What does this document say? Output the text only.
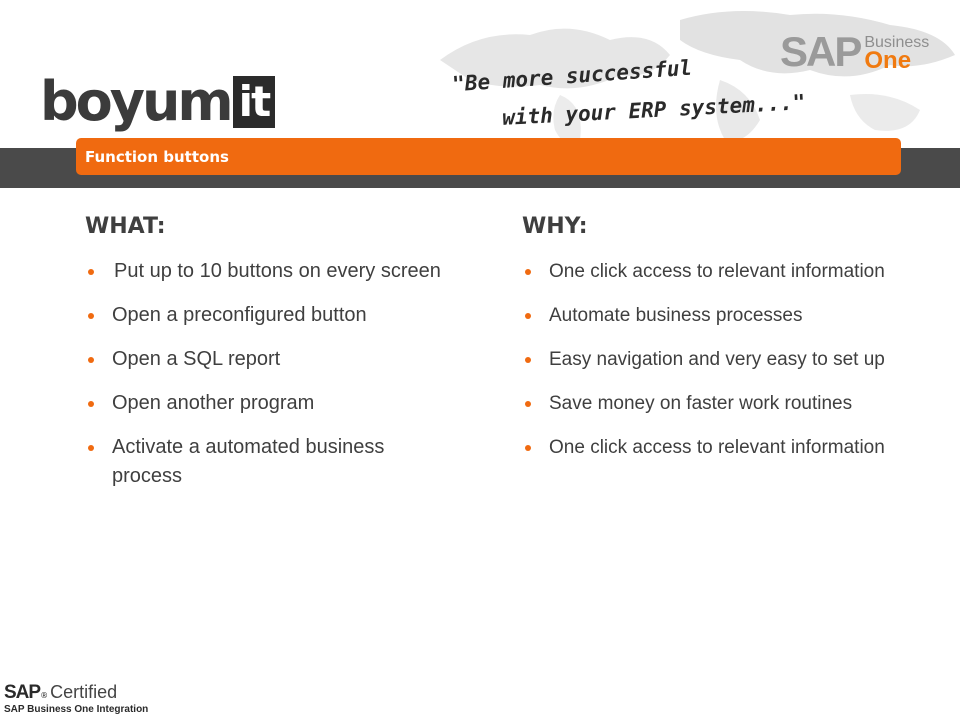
boyum it
"Be more successful
with your ERP system..."
SAP Business
One
Function buttons
WHAT:
Put up to 10 buttons on every screen
Open a preconfigured button
Open a SQL report
Open another program
Activate a automated business process
WHY:
One click access to relevant information
Automate business processes
Easy navigation and very easy to set up
Save money on faster work routines
One click access to relevant information
SAP ® Certified
SAP Business One Integration
